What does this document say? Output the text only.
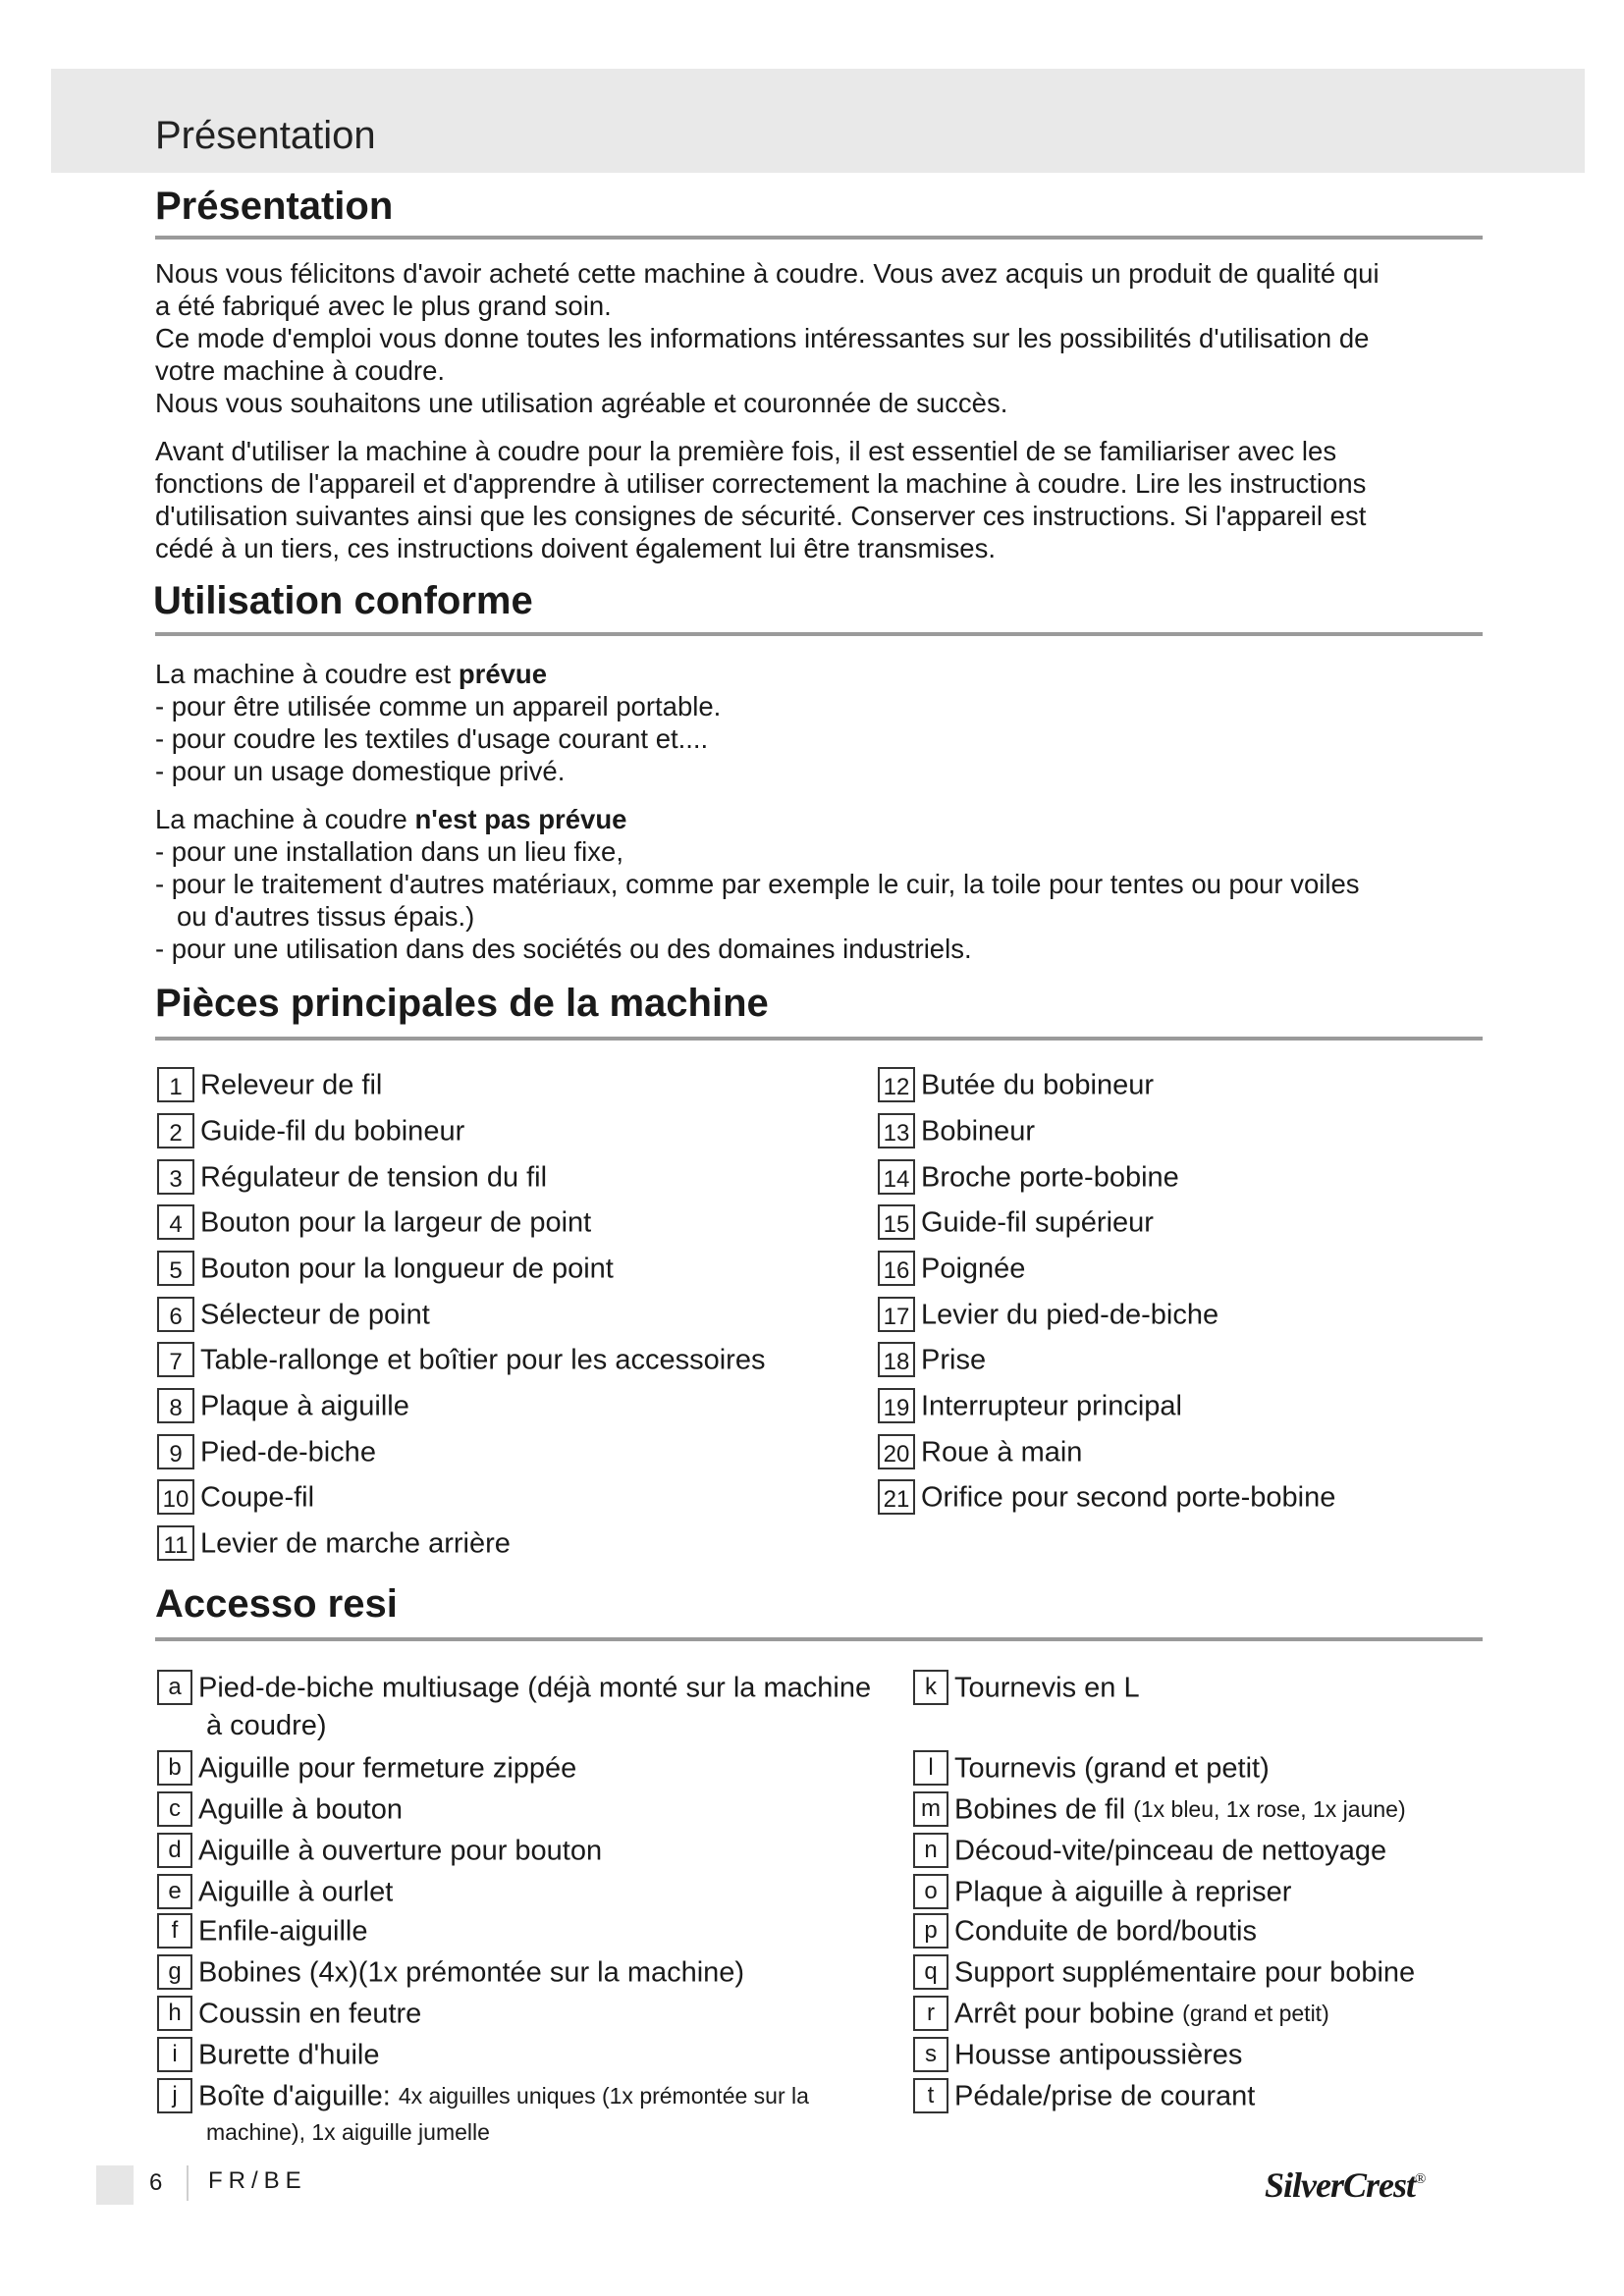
Présentation
Présentation

Nous vous félicitons d'avoir acheté cette machine à coudre. Vous avez acquis un produit de qualité qui

a été fabriqué avec le plus grand soin.

Ce mode d'emploi vous donne toutes les informations intéressantes sur les possibilités d'utilisation de

votre machine à coudre.

Nous vous souhaitons une utilisation agréable et couronnée de succès.

Avant d'utiliser la machine à coudre pour la première fois, il est essentiel de se familiariser avec les

fonctions de l'appareil et d'apprendre à utiliser correctement la machine à coudre. Lire les instructions

d'utilisation suivantes ainsi que les consignes de sécurité. Conserver ces instructions. Si l'appareil est

cédé à un tiers, ces instructions doivent également lui être transmises.

Utilisation conforme
La machine à coudre est prévue
- pour être utilisée comme un appareil portable.
- pour coudre les textiles d'usage courant et....
- pour un usage domestique privé.
La machine à coudre n'est pas prévue
- pour une installation dans un lieu fixe,
- pour le traitement d'autres matériaux, comme par exemple le cuir, la toile pour tentes ou pour voiles
ou d'autres tissus épais.)
- pour une utilisation dans des sociétés ou des domaines industriels.
Pièces principales de la machine
1 Releveur de fil
2 Guide-fil du bobineur
3 Régulateur de tension du fil
4 Bouton pour la largeur de point
5 Bouton pour la longueur de point
6 Sélecteur de point
7 Table-rallonge et boîtier pour les accessoires
8 Plaque à aiguille
9 Pied-de-biche
10 Coupe-fil
11 Levier de marche arrière
12 Butée du bobineur
13 Bobineur
14 Broche porte-bobine
15 Guide-fil supérieur
16 Poignée
17 Levier du pied-de-biche
18 Prise
19 Interrupteur principal
20 Roue à main
21 Orifice pour second porte-bobine
Accesso resi
a Pied-de-biche multiusage (déjà monté sur la machine
à coudre)
b Aiguille pour fermeture zippée
c Aguille à bouton
d Aiguille à ouverture pour bouton
e Aiguille à ourlet
f Enfile-aiguille
g Bobines (4x)(1x prémontée sur la machine)
h Coussin en feutre
i Burette d'huile
j Boîte d'aiguille: 4x aiguilles uniques (1x prémontée sur la
machine), 1x aiguille jumelle
k Tournevis en L
l Tournevis (grand et petit)
m Bobines de fil (1x bleu, 1x rose, 1x jaune)
n Découd-vite/pinceau de nettoyage
o Plaque à aiguille à repriser
p Conduite de bord/boutis
q Support supplémentaire pour bobine
r Arrêt pour bobine (grand et petit)
s Housse antipoussières
t Pédale/prise de courant
6 FR/BE	SilverCrest®
